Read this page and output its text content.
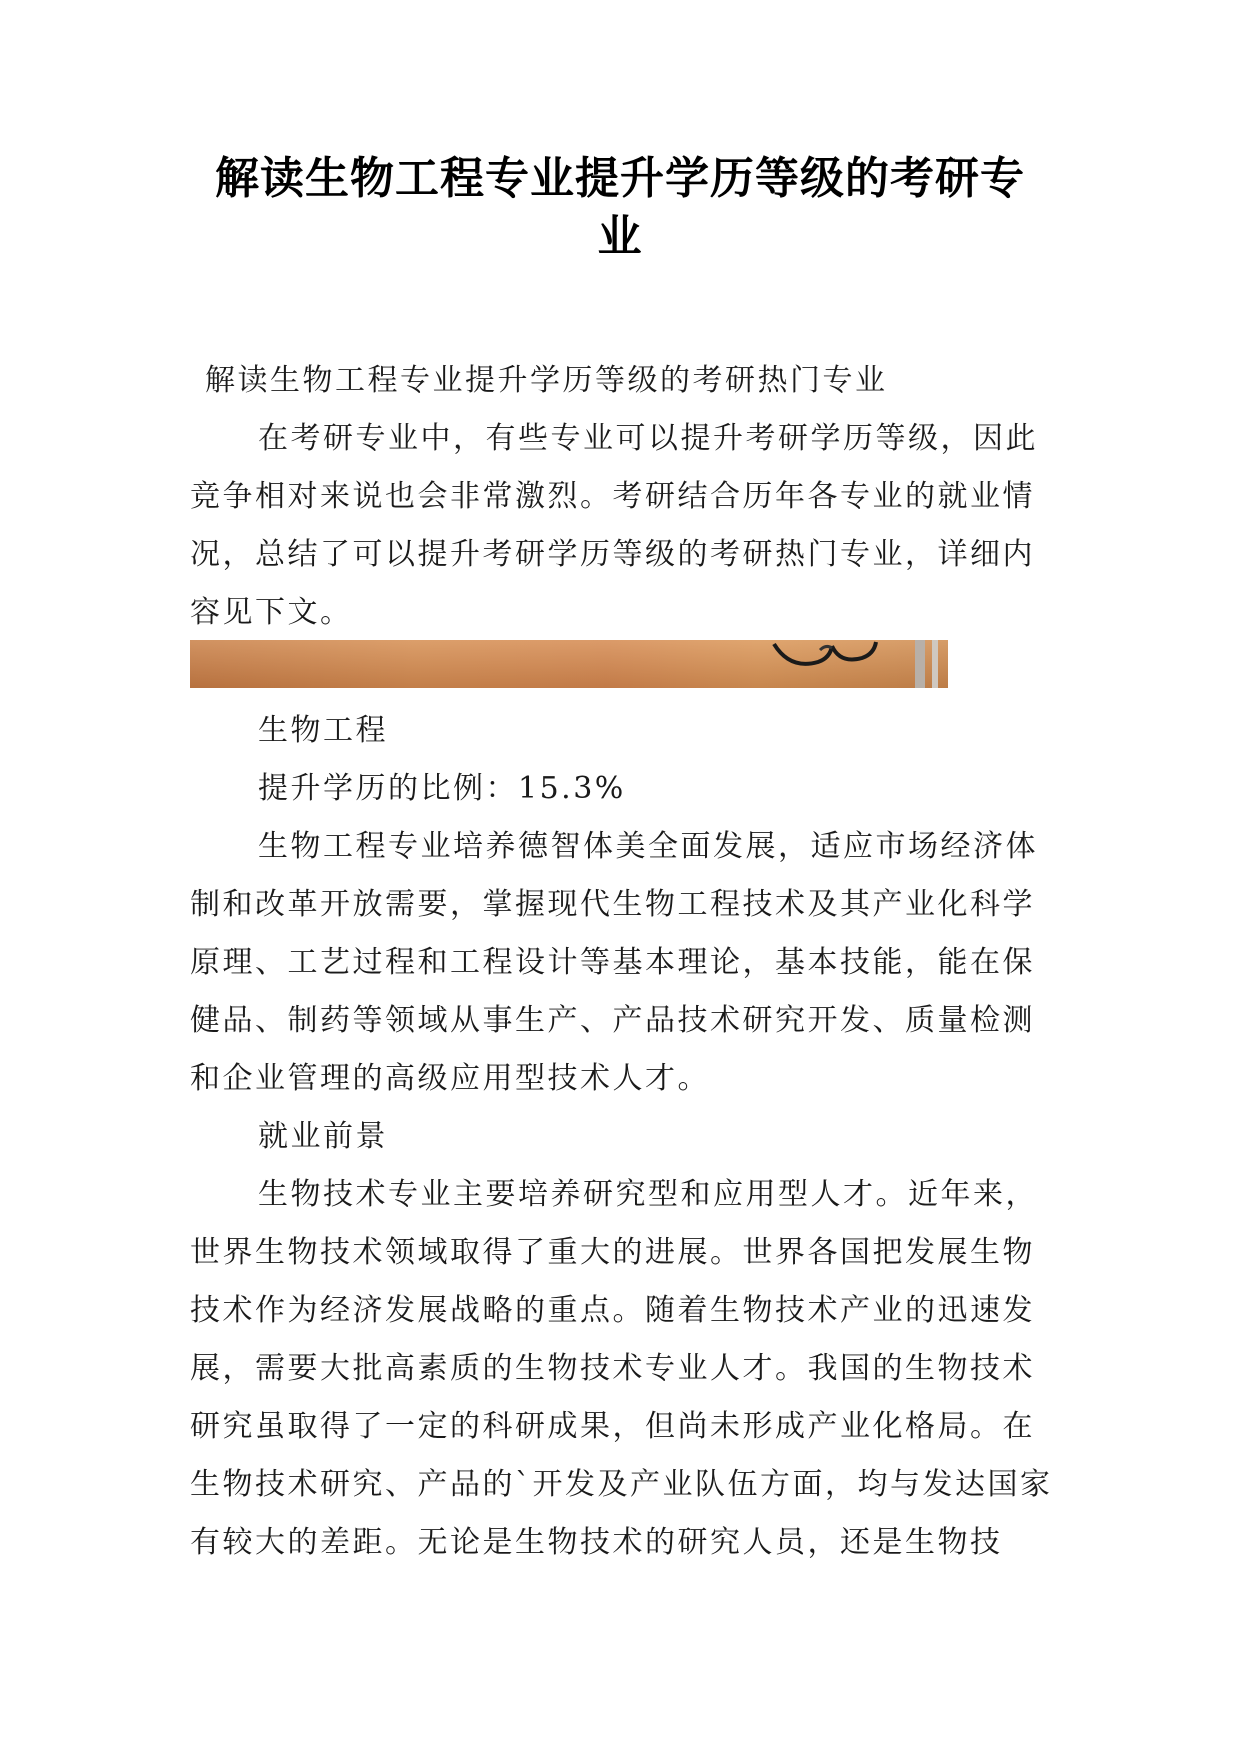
解读生物工程专业提升学历等级的考研专
业
解读生物工程专业提升学历等级的考研热门专业
在考研专业中，有些专业可以提升考研学历等级，因此竞争相对来说也会非常激烈。考研结合历年各专业的就业情况，总结了可以提升考研学历等级的考研热门专业，详细内容见下文。
生物工程
提升学历的比例：15.3%
生物工程专业培养德智体美全面发展，适应市场经济体制和改革开放需要，掌握现代生物工程技术及其产业化科学原理、工艺过程和工程设计等基本理论，基本技能，能在保健品、制药等领域从事生产、产品技术研究开发、质量检测和企业管理的高级应用型技术人才。
就业前景
生物技术专业主要培养研究型和应用型人才。近年来，世界生物技术领域取得了重大的进展。世界各国把发展生物技术作为经济发展战略的重点。随着生物技术产业的迅速发展，需要大批高素质的生物技术专业人才。我国的生物技术研究虽取得了一定的科研成果，但尚未形成产业化格局。在生物技术研究、产品的`开发及产业队伍方面，均与发达国家有较大的差距。无论是生物技术的研究人员，还是生物技
